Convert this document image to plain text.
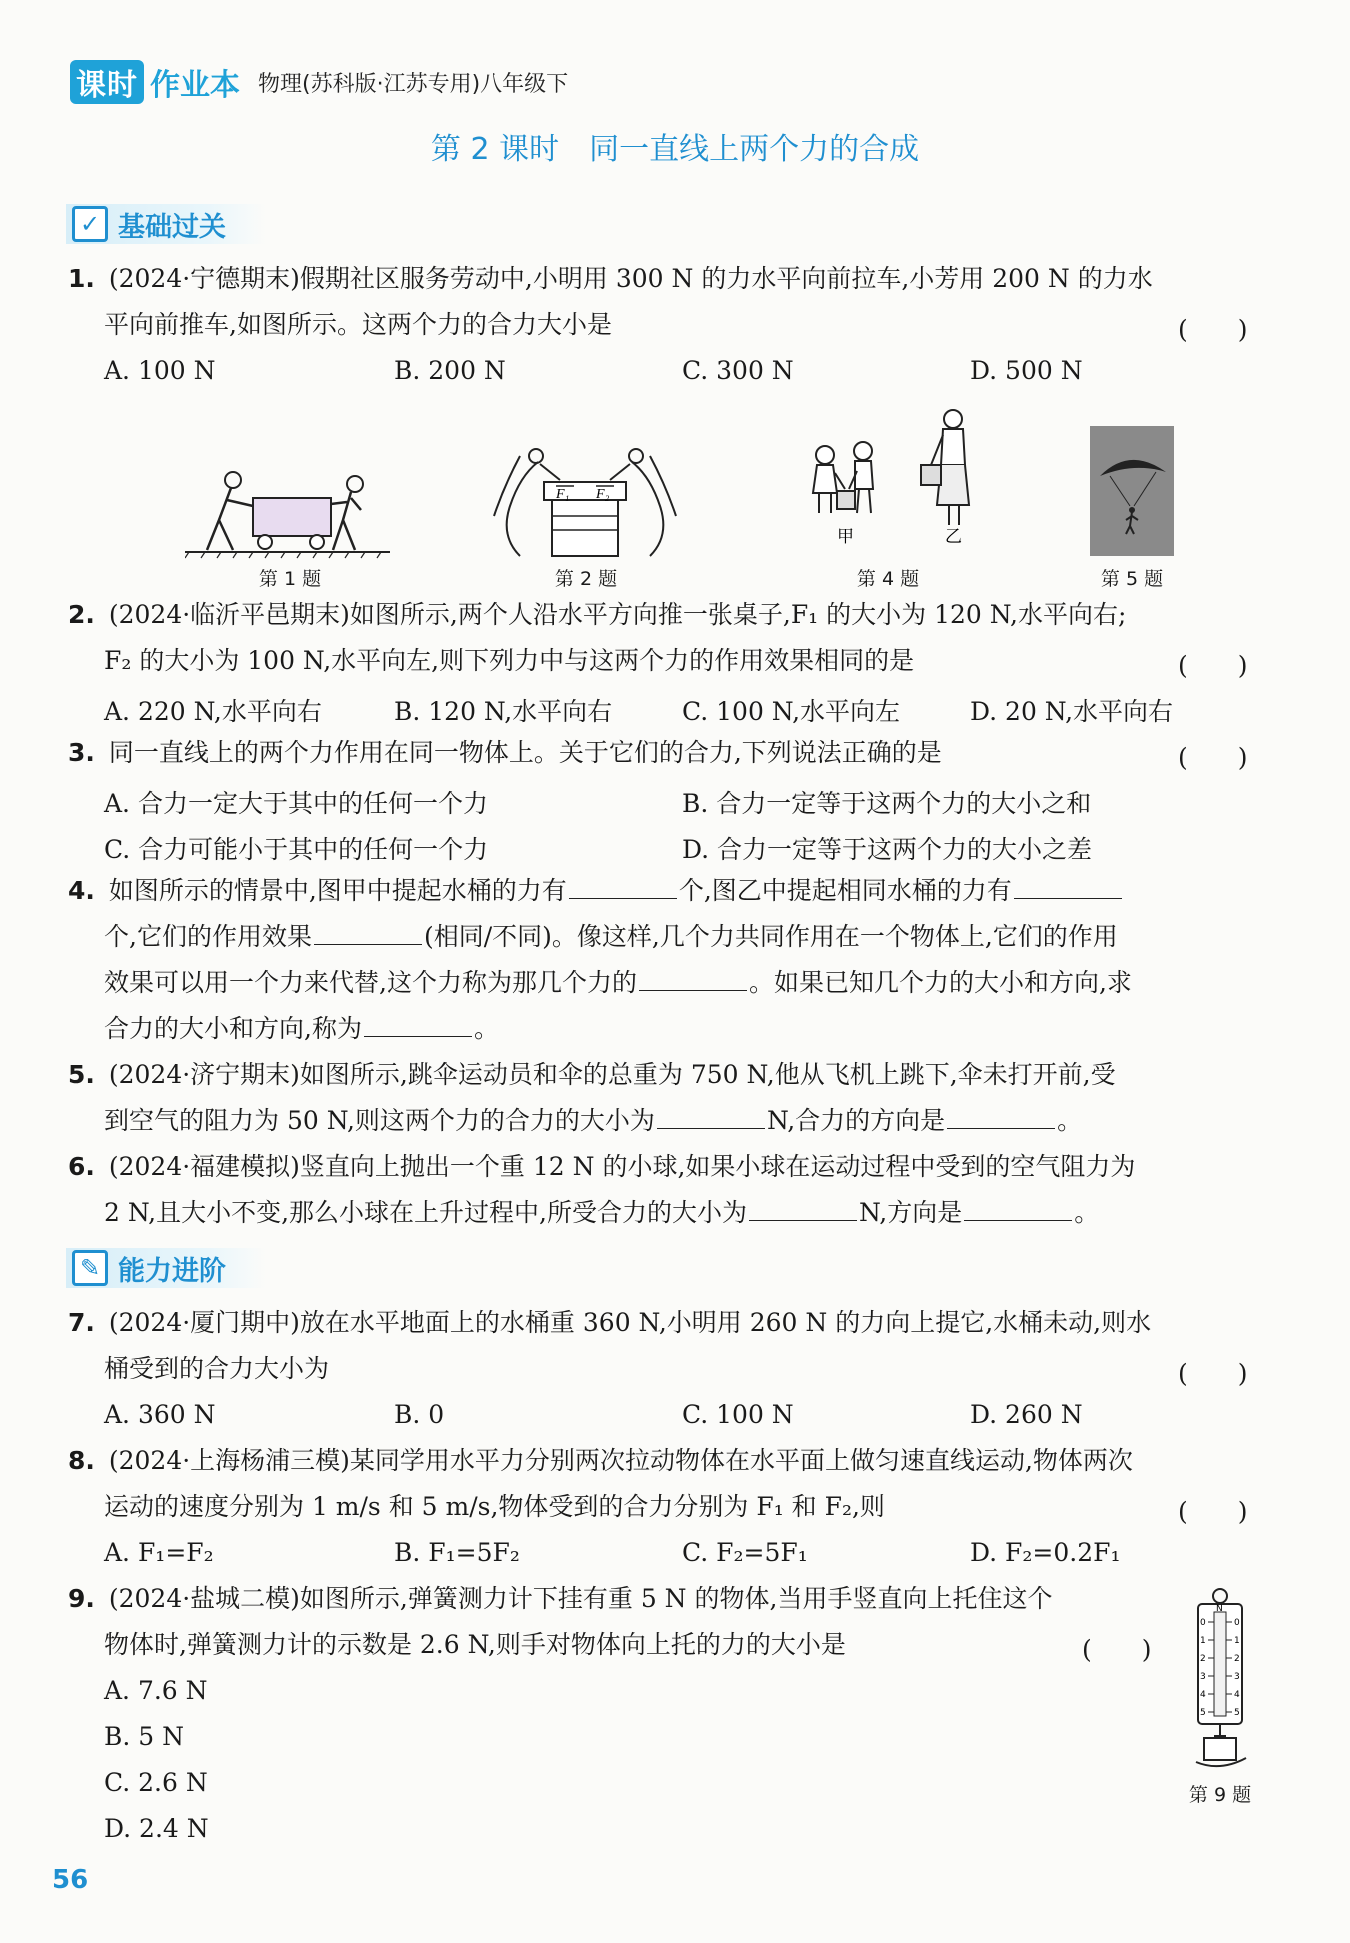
课时 作业本 物理(苏科版·江苏专用)八年级下
第 2 课时　同一直线上两个力的合成
✓ 基础过关
1. (2024·宁德期末)假期社区服务劳动中,小明用 300 N 的力水平向前拉车,小芳用 200 N 的力水
平向前推车,如图所示。这两个力的合力大小是	(　　)
A. 100 N	B. 200 N	C. 300 N	D. 500 N
第 1 题
F₁ F₂
第 2 题
甲	乙
第 4 题	第 5 题
2. (2024·临沂平邑期末)如图所示,两个人沿水平方向推一张桌子,F₁ 的大小为 120 N,水平向右;
F₂ 的大小为 100 N,水平向左,则下列力中与这两个力的作用效果相同的是	(　　)
A. 220 N,水平向右	B. 120 N,水平向右	C. 100 N,水平向左	D. 20 N,水平向右
3. 同一直线上的两个力作用在同一物体上。关于它们的合力,下列说法正确的是	(　　)
A. 合力一定大于其中的任何一个力	B. 合力一定等于这两个力的大小之和
C. 合力可能小于其中的任何一个力	D. 合力一定等于这两个力的大小之差
4. 如图所示的情景中,图甲中提起水桶的力有	个,图乙中提起相同水桶的力有
个,它们的作用效果	(相同/不同)。像这样,几个力共同作用在一个物体上,它们的作用
效果可以用一个力来代替,这个力称为那几个力的	。如果已知几个力的大小和方向,求
合力的大小和方向,称为	。
5. (2024·济宁期末)如图所示,跳伞运动员和伞的总重为 750 N,他从飞机上跳下,伞未打开前,受
到空气的阻力为 50 N,则这两个力的合力的大小为	N,合力的方向是	。
6. (2024·福建模拟)竖直向上抛出一个重 12 N 的小球,如果小球在运动过程中受到的空气阻力为
2 N,且大小不变,那么小球在上升过程中,所受合力的大小为	N,方向是	。
✎ 能力进阶
7. (2024·厦门期中)放在水平地面上的水桶重 360 N,小明用 260 N 的力向上提它,水桶未动,则水
桶受到的合力大小为	(　　)
A. 360 N	B. 0	C. 100 N	D. 260 N
8. (2024·上海杨浦三模)某同学用水平力分别两次拉动物体在水平面上做匀速直线运动,物体两次
运动的速度分别为 1 m/s 和 5 m/s,物体受到的合力分别为 F₁ 和 F₂,则	(　　)
A. F₁=F₂	B. F₁=5F₂	C. F₂=5F₁	D. F₂=0.2F₁
9. (2024·盐城二模)如图所示,弹簧测力计下挂有重 5 N 的物体,当用手竖直向上托住这个
物体时,弹簧测力计的示数是 2.6 N,则手对物体向上托的力的大小是	(　　)
A. 7.6 N
B. 5 N
C. 2.6 N
D. 2.4 N
0
1
2
3
4
5
0
1
2
3
4
5
N
第 9 题
56
